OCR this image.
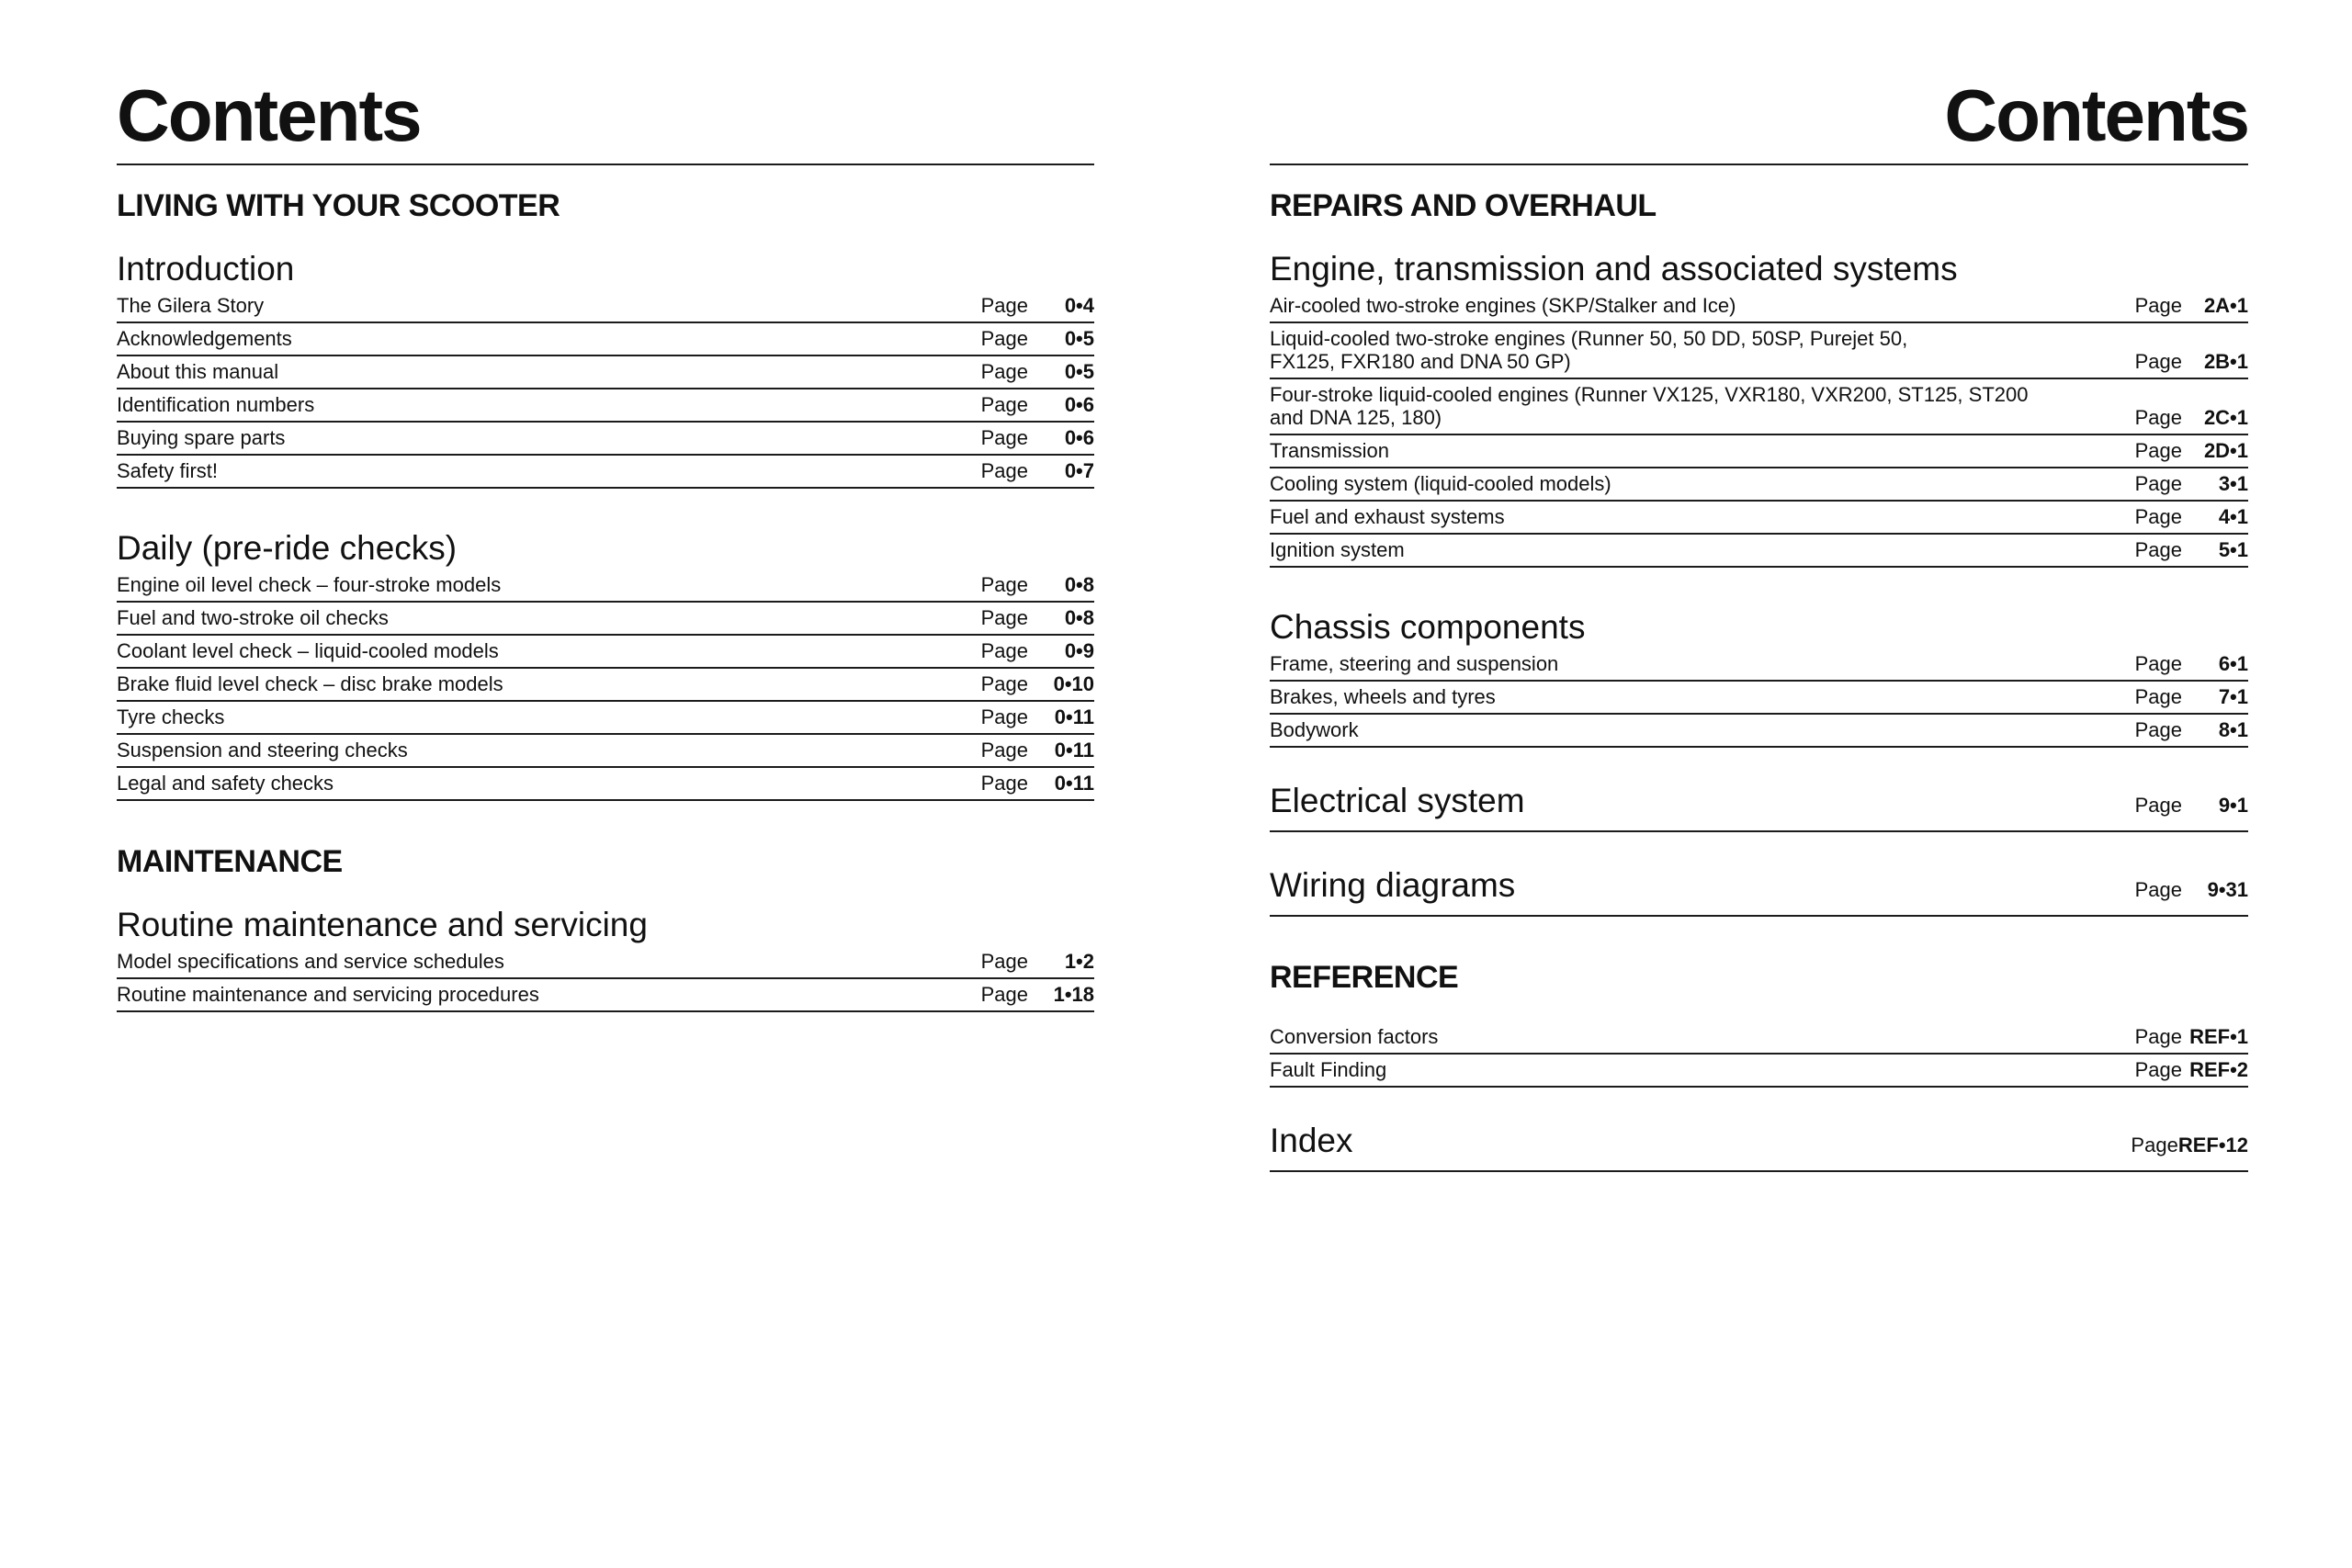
Contents
LIVING WITH YOUR SCOOTER
Introduction
The Gilera Story	Page	0•4
Acknowledgements	Page	0•5
About this manual	Page	0•5
Identification numbers	Page	0•6
Buying spare parts	Page	0•6
Safety first!	Page	0•7
Daily (pre-ride checks)
Engine oil level check – four-stroke models	Page	0•8
Fuel and two-stroke oil checks	Page	0•8
Coolant level check – liquid-cooled models	Page	0•9
Brake fluid level check – disc brake models	Page	0•10
Tyre checks	Page	0•11
Suspension and steering checks	Page	0•11
Legal and safety checks	Page	0•11
MAINTENANCE
Routine maintenance and servicing
Model specifications and service schedules	Page	1•2
Routine maintenance and servicing procedures	Page	1•18
Contents
REPAIRS AND OVERHAUL
Engine, transmission and associated systems
Air-cooled two-stroke engines (SKP/Stalker and Ice)	Page	2A•1
Liquid-cooled two-stroke engines (Runner 50, 50 DD, 50SP, Purejet 50,
FX125, FXR180 and DNA 50 GP)	Page	2B•1
Four-stroke liquid-cooled engines (Runner VX125, VXR180, VXR200, ST125, ST200
and DNA 125, 180)	Page	2C•1
Transmission	Page	2D•1
Cooling system (liquid-cooled models)	Page	3•1
Fuel and exhaust systems	Page	4•1
Ignition system	Page	5•1
Chassis components
Frame, steering and suspension	Page	6•1
Brakes, wheels and tyres	Page	7•1
Bodywork	Page	8•1
Electrical system	Page	9•1
Wiring diagrams	Page	9•31
REFERENCE
Conversion factors	Page REF•1
Fault Finding	Page REF•2
Index	Page REF•12
